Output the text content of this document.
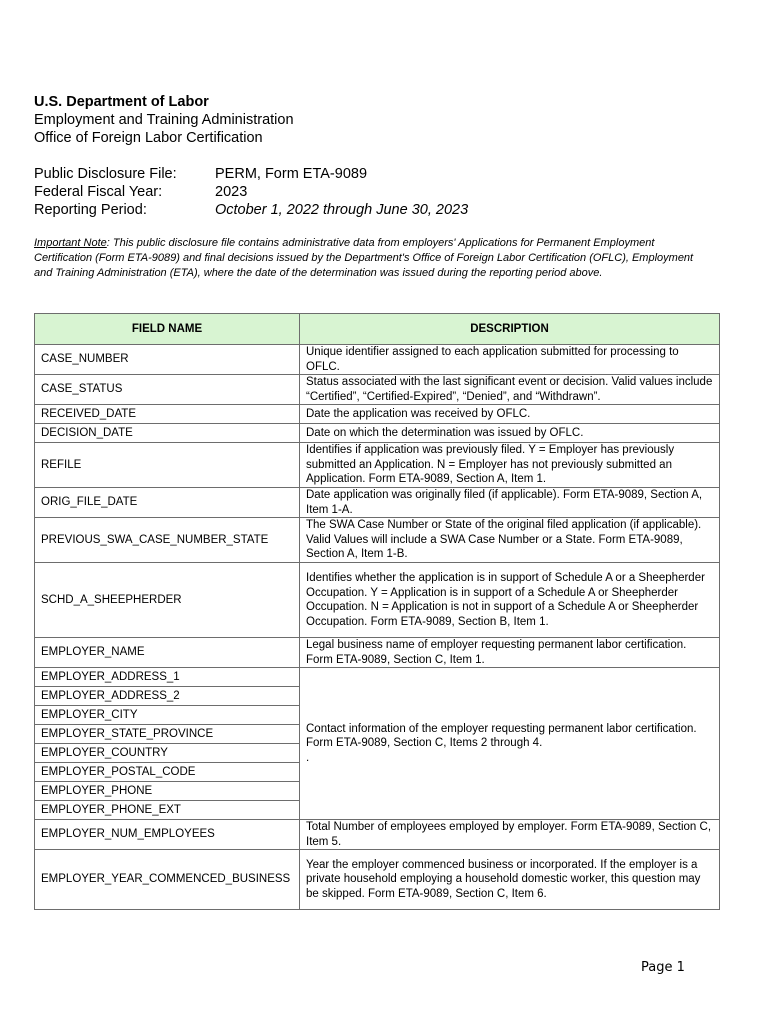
U.S. Department of Labor
Employment and Training Administration
Office of Foreign Labor Certification
Public Disclosure File:	PERM, Form ETA-9089
Federal Fiscal Year:	2023
Reporting Period:	October 1, 2022 through June 30, 2023
Important Note: This public disclosure file contains administrative data from employers' Applications for Permanent Employment Certification (Form ETA-9089) and final decisions issued by the Department's Office of Foreign Labor Certification (OFLC), Employment and Training Administration (ETA), where the date of the determination was issued during the reporting period above.
FIELD NAME	DESCRIPTION
CASE_NUMBER	Unique identifier assigned to each application submitted for processing to OFLC.
CASE_STATUS	Status associated with the last significant event or decision. Valid values include “Certified”, “Certified-Expired”, “Denied”, and “Withdrawn”.
RECEIVED_DATE	Date the application was received by OFLC.
DECISION_DATE	Date on which the determination was issued by OFLC.
REFILE	Identifies if application was previously filed. Y = Employer has previously submitted an Application. N = Employer has not previously submitted an Application. Form ETA-9089, Section A, Item 1.
ORIG_FILE_DATE	Date application was originally filed (if applicable). Form ETA-9089, Section A, Item 1-A.
PREVIOUS_SWA_CASE_NUMBER_STATE	The SWA Case Number or State of the original filed application (if applicable). Valid Values will include a SWA Case Number or a State. Form ETA-9089, Section A, Item 1-B.
SCHD_A_SHEEPHERDER	Identifies whether the application is in support of Schedule A or a Sheepherder Occupation. Y = Application is in support of a Schedule A or Sheepherder Occupation. N = Application is not in support of a Schedule A or Sheepherder Occupation. Form ETA-9089, Section B, Item 1.
EMPLOYER_NAME	Legal business name of employer requesting permanent labor certification. Form ETA-9089, Section C, Item 1.
EMPLOYER_ADDRESS_1	Contact information of the employer requesting permanent labor certification. Form ETA-9089, Section C, Items 2 through 4.
.
EMPLOYER_ADDRESS_2	
EMPLOYER_CITY	
EMPLOYER_STATE_PROVINCE	
EMPLOYER_COUNTRY	
EMPLOYER_POSTAL_CODE	
EMPLOYER_PHONE	
EMPLOYER_PHONE_EXT	
EMPLOYER_NUM_EMPLOYEES	Total Number of employees employed by employer. Form ETA-9089, Section C, Item 5.
EMPLOYER_YEAR_COMMENCED_BUSINESS	Year the employer commenced business or incorporated. If the employer is a private household employing a household domestic worker, this question may be skipped. Form ETA-9089, Section C, Item 6.
Page 1
